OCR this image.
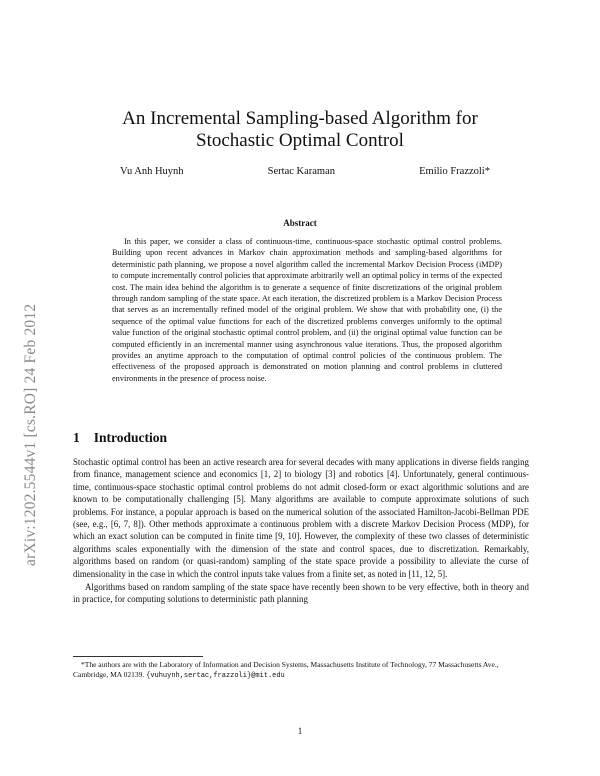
arXiv:1202.5544v1 [cs.RO] 24 Feb 2012
An Incremental Sampling-based Algorithm for
Stochastic Optimal Control
Vu Anh Huynh	Sertac Karaman	Emilio Frazzoli*
Abstract

In this paper, we consider a class of continuous-time, continuous-space stochastic optimal control problems. Building upon recent advances in Markov chain approximation methods and sampling-based algorithms for deterministic path planning, we propose a novel algorithm called the incremental Markov Decision Process (iMDP) to compute incrementally control policies that approximate arbitrarily well an optimal policy in terms of the expected cost. The main idea behind the algorithm is to generate a sequence of finite discretizations of the original problem through random sampling of the state space. At each iteration, the discretized problem is a Markov Decision Process that serves as an incrementally refined model of the original problem. We show that with probability one, (i) the sequence of the optimal value functions for each of the discretized problems converges uniformly to the optimal value function of the original stochastic optimal control problem, and (ii) the original optimal value function can be computed efficiently in an incremental manner using asynchronous value iterations. Thus, the proposed algorithm provides an anytime approach to the computation of optimal control policies of the continuous problem. The effectiveness of the proposed approach is demonstrated on motion planning and control problems in cluttered environments in the presence of process noise.

1 Introduction

Stochastic optimal control has been an active research area for several decades with many applications in diverse fields ranging from finance, management science and economics [1, 2] to biology [3] and robotics [4]. Unfortunately, general continuous-time, continuous-space stochastic optimal control problems do not admit closed-form or exact algorithmic solutions and are known to be computationally challenging [5]. Many algorithms are available to compute approximate solutions of such problems. For instance, a popular approach is based on the numerical solution of the associated Hamilton-Jacobi-Bellman PDE (see, e.g., [6, 7, 8]). Other methods approximate a continuous problem with a discrete Markov Decision Process (MDP), for which an exact solution can be computed in finite time [9, 10]. However, the complexity of these two classes of deterministic algorithms scales exponentially with the dimension of the state and control spaces, due to discretization. Remarkably, algorithms based on random (or quasi-random) sampling of the state space provide a possibility to alleviate the curse of dimensionality in the case in which the control inputs take values from a finite set, as noted in [11, 12, 5].

Algorithms based on random sampling of the state space have recently been shown to be very effective, both in theory and in practice, for computing solutions to deterministic path planning

*The authors are with the Laboratory of Information and Decision Systems, Massachusetts Institute of Technology, 77 Massachusetts Ave., Cambridge, MA 02139. {vuhuynh,sertac,frazzoli}@mit.edu
1
